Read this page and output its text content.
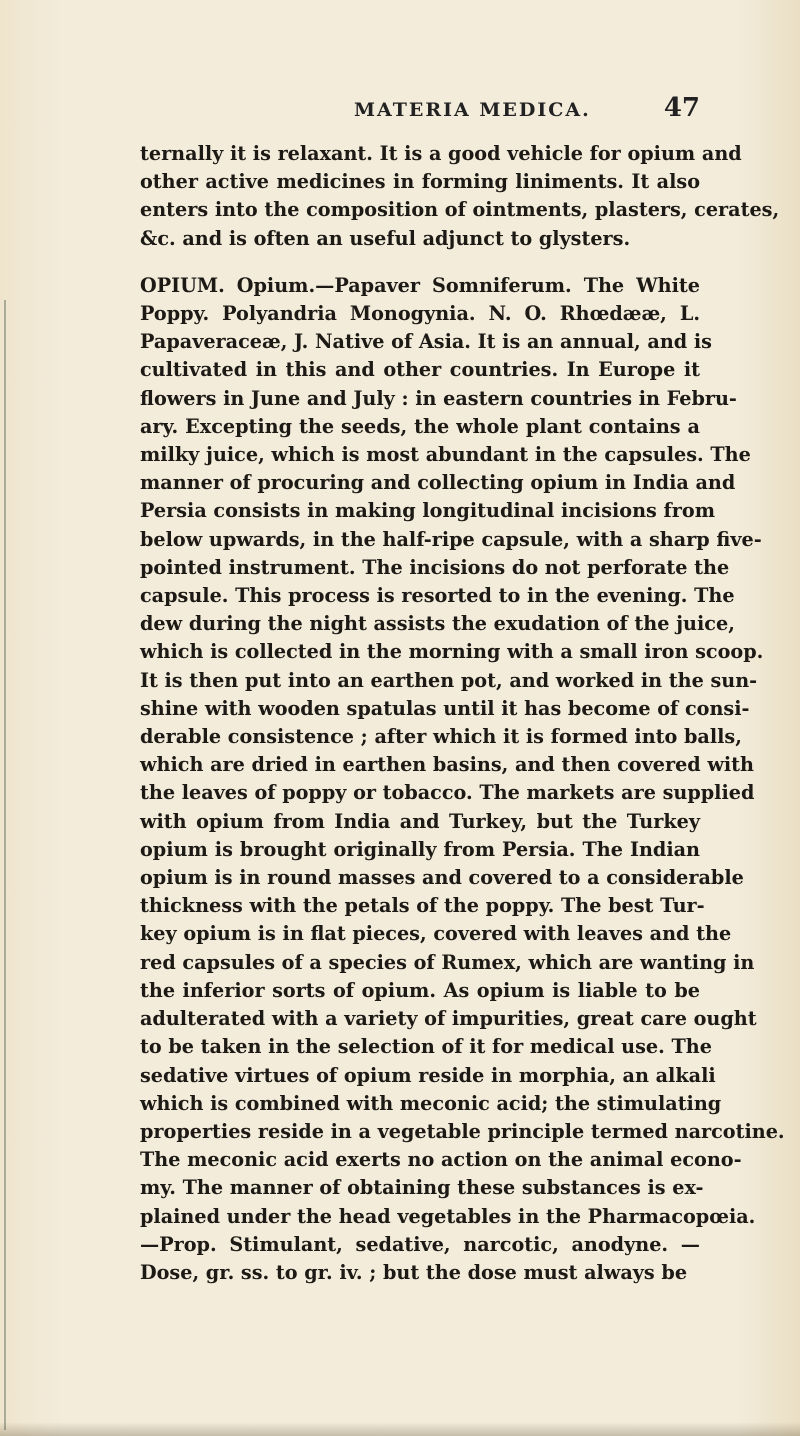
MATERIA MEDICA.	47
ternally it is relaxant. It is a good vehicle for opium and
other active medicines in forming liniments. It also
enters into the composition of ointments, plasters, cerates,
&c. and is often an useful adjunct to glysters.
OPIUM. Opium.—Papaver Somniferum. The White
Poppy. Polyandria Monogynia. N. O. Rhœdææ, L.
Papaveraceæ, J. Native of Asia. It is an annual, and is
cultivated in this and other countries. In Europe it
flowers in June and July : in eastern countries in Febru-
ary. Excepting the seeds, the whole plant contains a
milky juice, which is most abundant in the capsules. The
manner of procuring and collecting opium in India and
Persia consists in making longitudinal incisions from
below upwards, in the half-ripe capsule, with a sharp five-
pointed instrument. The incisions do not perforate the
capsule. This process is resorted to in the evening. The
dew during the night assists the exudation of the juice,
which is collected in the morning with a small iron scoop.
It is then put into an earthen pot, and worked in the sun-
shine with wooden spatulas until it has become of consi-
derable consistence ; after which it is formed into balls,
which are dried in earthen basins, and then covered with
the leaves of poppy or tobacco. The markets are supplied
with opium from India and Turkey, but the Turkey
opium is brought originally from Persia. The Indian
opium is in round masses and covered to a considerable
thickness with the petals of the poppy. The best Tur-
key opium is in flat pieces, covered with leaves and the
red capsules of a species of Rumex, which are wanting in
the inferior sorts of opium. As opium is liable to be
adulterated with a variety of impurities, great care ought
to be taken in the selection of it for medical use. The
sedative virtues of opium reside in morphia, an alkali
which is combined with meconic acid; the stimulating
properties reside in a vegetable principle termed narcotine.
The meconic acid exerts no action on the animal econo-
my. The manner of obtaining these substances is ex-
plained under the head vegetables in the Pharmacopœia.
—Prop. Stimulant, sedative, narcotic, anodyne. —
Dose, gr. ss. to gr. iv. ; but the dose must always be
